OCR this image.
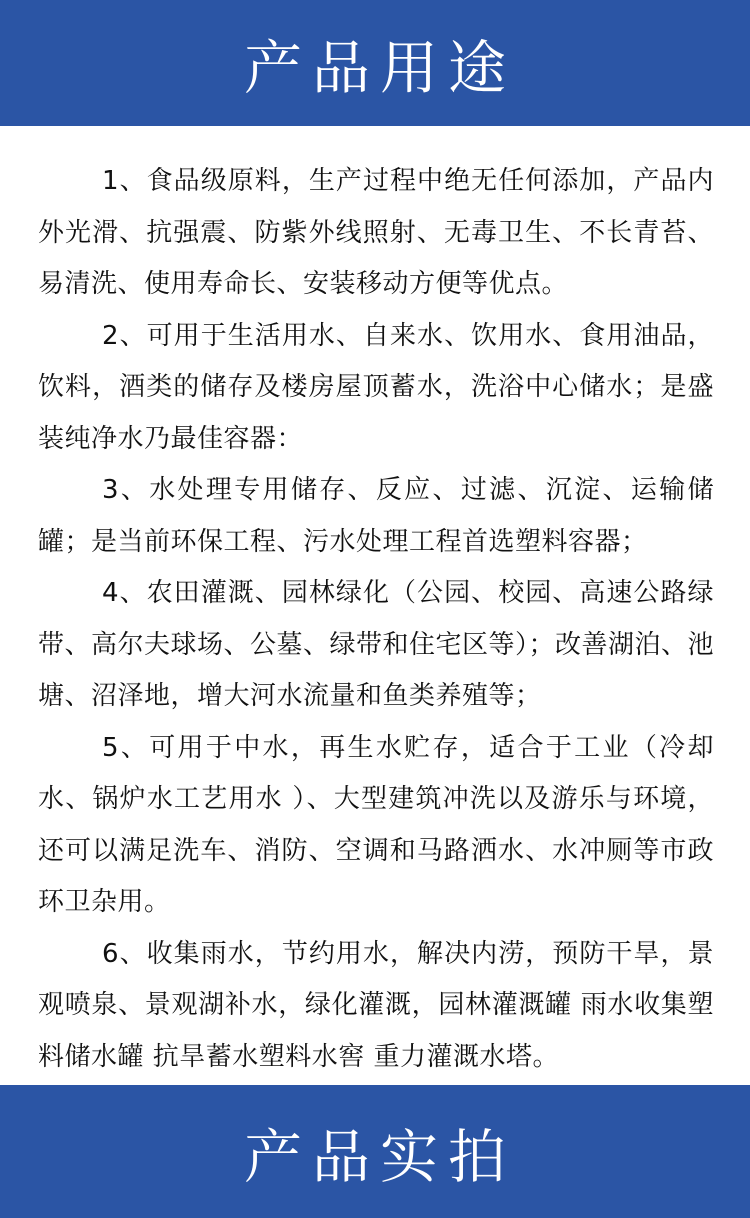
产品用途

1、食品级原料，生产过程中绝无任何添加，产品内外光滑、抗强震、防紫外线照射、无毒卫生、不长青苔、易清洗、使用寿命长、安装移动方便等优点。

2、可用于生活用水、自来水、饮用水、食用油品，饮料，酒类的储存及楼房屋顶蓄水，洗浴中心储水；是盛装纯净水乃最佳容器：

3、水处理专用储存、反应、过滤、沉淀、运输储罐；是当前环保工程、污水处理工程首选塑料容器；

4、农田灌溉、园林绿化（公园、校园、高速公路绿带、高尔夫球场、公墓、绿带和住宅区等）；改善湖泊、池塘、沼泽地，增大河水流量和鱼类养殖等；

5、可用于中水，再生水贮存，适合于工业（冷却水、锅炉水工艺用水 ）、大型建筑冲洗以及游乐与环境，还可以满足洗车、消防、空调和马路洒水、水冲厕等市政环卫杂用。

6、收集雨水，节约用水，解决内涝，预防干旱，景观喷泉、景观湖补水，绿化灌溉，园林灌溉罐 雨水收集塑料储水罐 抗旱蓄水塑料水窖 重力灌溉水塔。

产品实拍
